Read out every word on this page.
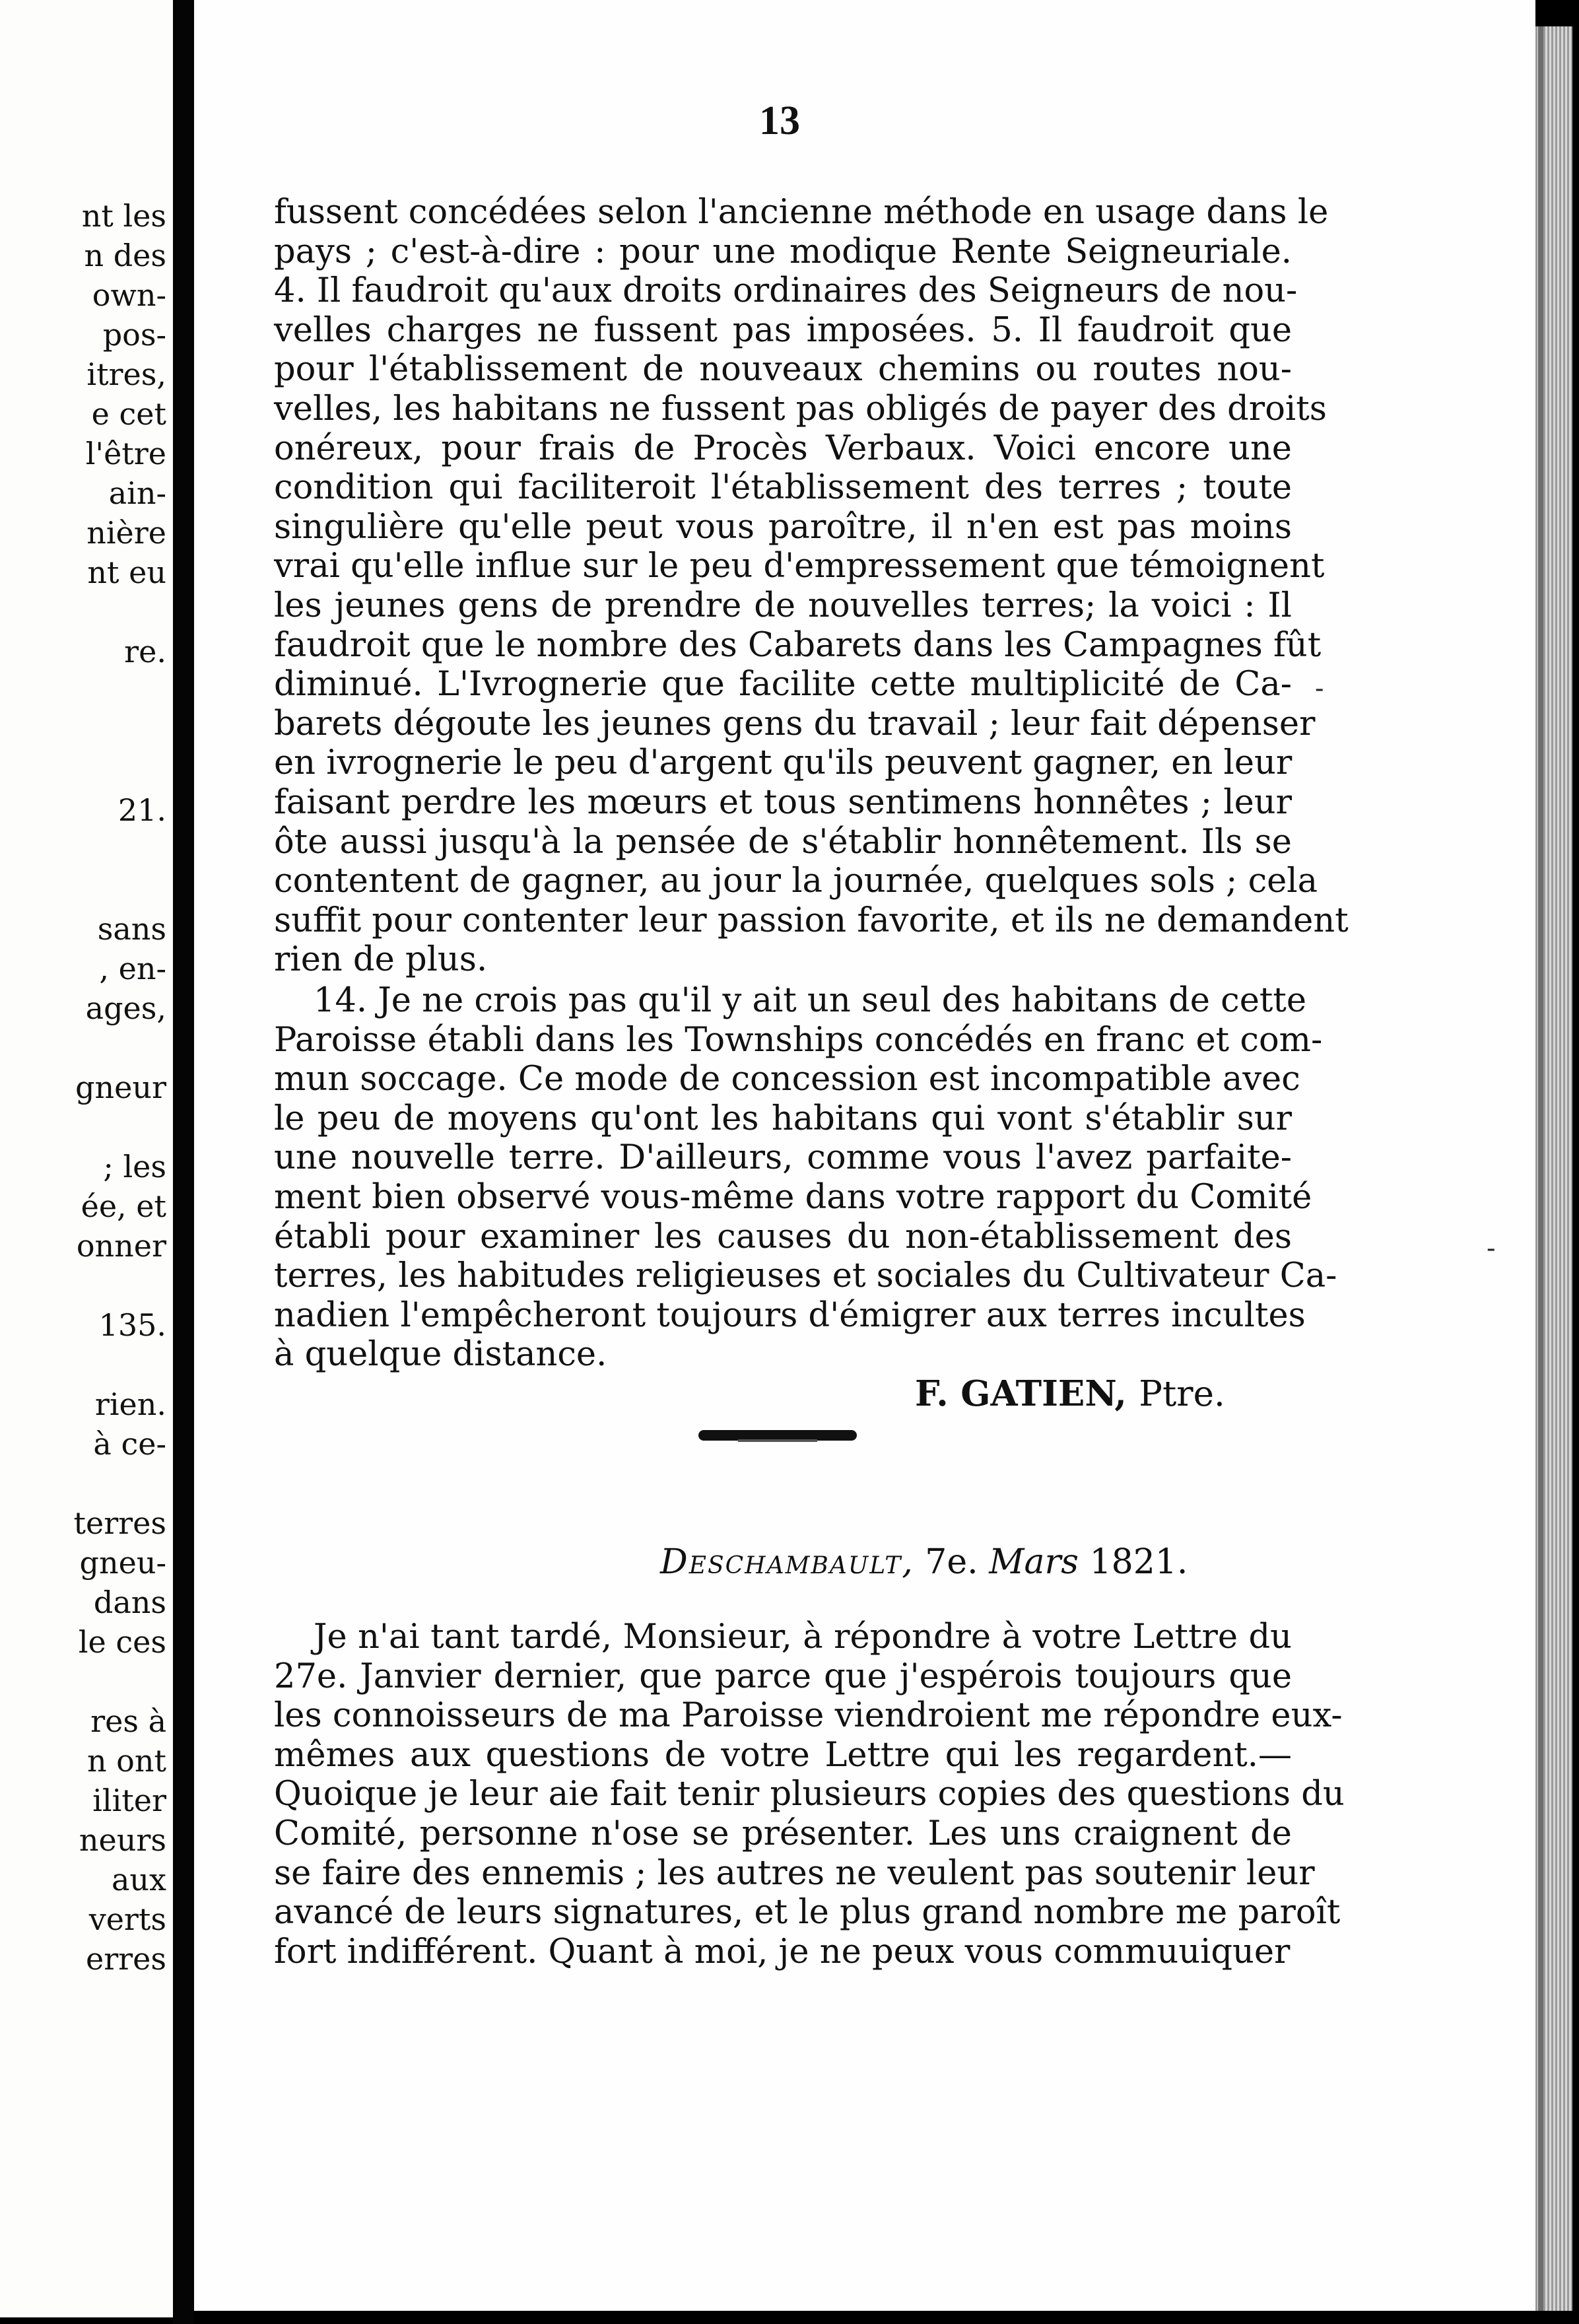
nt les
n des
own-
pos-
itres,
e cet
l'être
ain-
nière
nt eu
re.
21.
sans
, en-
ages,
gneur
; les
ée, et
onner
135.
rien.
à ce-
terres
gneu-
dans
le ces
res à
n ont
iliter
neurs
aux
verts
erres
13
fussent concédées selon l'ancienne méthode en usage dans le
pays ; c'est-à-dire : pour une modique Rente Seigneuriale.
4. Il faudroit qu'aux droits ordinaires des Seigneurs de nou-
velles charges ne fussent pas imposées. 5. Il faudroit que
pour l'établissement de nouveaux chemins ou routes nou-
velles, les habitans ne fussent pas obligés de payer des droits
onéreux, pour frais de Procès Verbaux. Voici encore une
condition qui faciliteroit l'établissement des terres ; toute
singulière qu'elle peut vous paroître, il n'en est pas moins
vrai qu'elle influe sur le peu d'empressement que témoignent
les jeunes gens de prendre de nouvelles terres; la voici : Il
faudroit que le nombre des Cabarets dans les Campagnes fût
diminué. L'Ivrognerie que facilite cette multiplicité de Ca-
barets dégoute les jeunes gens du travail ; leur fait dépenser
en ivrognerie le peu d'argent qu'ils peuvent gagner, en leur
faisant perdre les mœurs et tous sentimens honnêtes ; leur
ôte aussi jusqu'à la pensée de s'établir honnêtement. Ils se
contentent de gagner, au jour la journée, quelques sols ; cela
suffit pour contenter leur passion favorite, et ils ne demandent
rien de plus.
14. Je ne crois pas qu'il y ait un seul des habitans de cette
Paroisse établi dans les Townships concédés en franc et com-
mun soccage. Ce mode de concession est incompatible avec
le peu de moyens qu'ont les habitans qui vont s'établir sur
une nouvelle terre. D'ailleurs, comme vous l'avez parfaite-
ment bien observé vous-même dans votre rapport du Comité
établi pour examiner les causes du non-établissement des
terres, les habitudes religieuses et sociales du Cultivateur Ca-
nadien l'empêcheront toujours d'émigrer aux terres incultes
à quelque distance.
F. GATIEN, Ptre.
Deschambault, 7e. Mars 1821.
Je n'ai tant tardé, Monsieur, à répondre à votre Lettre du
27e. Janvier dernier, que parce que j'espérois toujours que
les connoisseurs de ma Paroisse viendroient me répondre eux-
mêmes aux questions de votre Lettre qui les regardent.—
Quoique je leur aie fait tenir plusieurs copies des questions du
Comité, personne n'ose se présenter. Les uns craignent de
se faire des ennemis ; les autres ne veulent pas soutenir leur
avancé de leurs signatures, et le plus grand nombre me paroît
fort indifférent. Quant à moi, je ne peux vous commuuiquer
-
-
